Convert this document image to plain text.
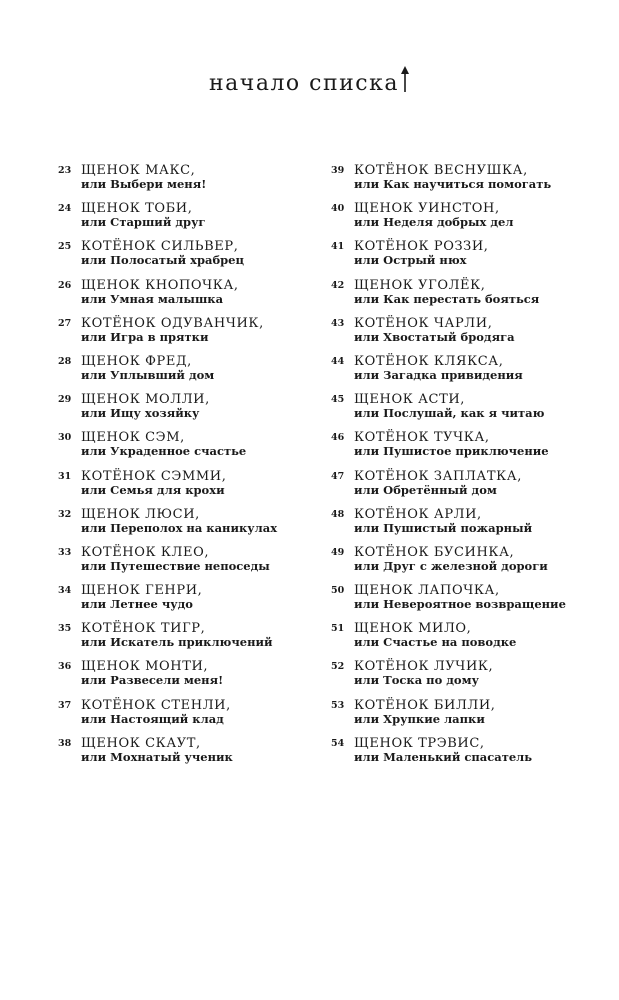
начало списка
23 ЩЕНОК МАКС,
или Выбери меня!
24 ЩЕНОК ТОБИ,
или Старший друг
25 КОТЁНОК СИЛЬВЕР,
или Полосатый храбрец
26 ЩЕНОК КНОПОЧКА,
или Умная малышка
27 КОТЁНОК ОДУВАНЧИК,
или Игра в прятки
28 ЩЕНОК ФРЕД,
или Уплывший дом
29 ЩЕНОК МОЛЛИ,
или Ищу хозяйку
30 ЩЕНОК СЭМ,
или Украденное счастье
31 КОТЁНОК СЭММИ,
или Семья для крохи
32 ЩЕНОК ЛЮСИ,
или Переполох на каникулах
33 КОТЁНОК КЛЕО,
или Путешествие непоседы
34 ЩЕНОК ГЕНРИ,
или Летнее чудо
35 КОТЁНОК ТИГР,
или Искатель приключений
36 ЩЕНОК МОНТИ,
или Развесели меня!
37 КОТЁНОК СТЕНЛИ,
или Настоящий клад
38 ЩЕНОК СКАУТ,
или Мохнатый ученик
39 КОТЁНОК ВЕСНУШКА,
или Как научиться помогать
40 ЩЕНОК УИНСТОН,
или Неделя добрых дел
41 КОТЁНОК РОЗЗИ,
или Острый нюх
42 ЩЕНОК УГОЛЁК,
или Как перестать бояться
43 КОТЁНОК ЧАРЛИ,
или Хвостатый бродяга
44 КОТЁНОК КЛЯКСА,
или Загадка привидения
45 ЩЕНОК АСТИ,
или Послушай, как я читаю
46 КОТЁНОК ТУЧКА,
или Пушистое приключение
47 КОТЁНОК ЗАПЛАТКА,
или Обретённый дом
48 КОТЁНОК АРЛИ,
или Пушистый пожарный
49 КОТЁНОК БУСИНКА,
или Друг с железной дороги
50 ЩЕНОК ЛАПОЧКА,
или Невероятное возвращение
51 ЩЕНОК МИЛО,
или Счастье на поводке
52 КОТЁНОК ЛУЧИК,
или Тоска по дому
53 КОТЁНОК БИЛЛИ,
или Хрупкие лапки
54 ЩЕНОК ТРЭВИС,
или Маленький спасатель
